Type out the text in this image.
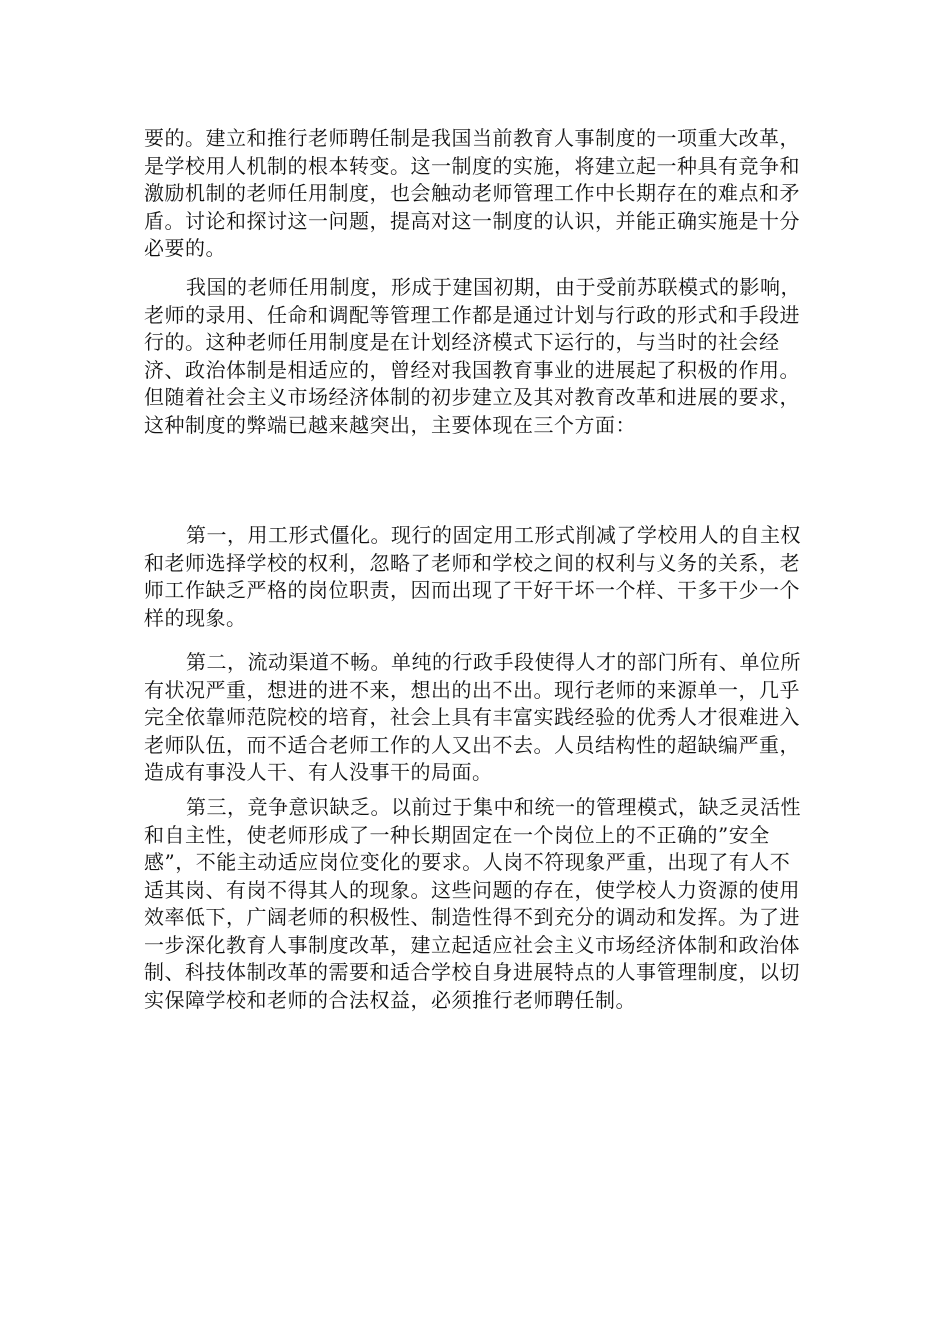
要的。建立和推行老师聘任制是我国当前教育人事制度的一项重大改革，是学校用人机制的根本转变。这一制度的实施，将建立起一种具有竞争和激励机制的老师任用制度，也会触动老师管理工作中长期存在的难点和矛盾。讨论和探讨这一问题，提高对这一制度的认识，并能正确实施是十分必要的。

我国的老师任用制度，形成于建国初期，由于受前苏联模式的影响，老师的录用、任命和调配等管理工作都是通过计划与行政的形式和手段进行的。这种老师任用制度是在计划经济模式下运行的，与当时的社会经济、政治体制是相适应的，曾经对我国教育事业的进展起了积极的作用。但随着社会主义市场经济体制的初步建立及其对教育改革和进展的要求，这种制度的弊端已越来越突出，主要体现在三个方面：

第一，用工形式僵化。现行的固定用工形式削减了学校用人的自主权和老师选择学校的权利，忽略了老师和学校之间的权利与义务的关系，老师工作缺乏严格的岗位职责，因而出现了干好干坏一个样、干多干少一个样的现象。

第二，流动渠道不畅。单纯的行政手段使得人才的部门所有、单位所有状况严重，想进的进不来，想出的出不出。现行老师的来源单一，几乎完全依靠师范院校的培育，社会上具有丰富实践经验的优秀人才很难进入老师队伍，而不适合老师工作的人又出不去。人员结构性的超缺编严重，造成有事没人干、有人没事干的局面。

第三，竞争意识缺乏。以前过于集中和统一的管理模式，缺乏灵活性和自主性，使老师形成了一种长期固定在一个岗位上的不正确的”安全感”，不能主动适应岗位变化的要求。人岗不符现象严重，出现了有人不适其岗、有岗不得其人的现象。这些问题的存在，使学校人力资源的使用效率低下，广阔老师的积极性、制造性得不到充分的调动和发挥。为了进一步深化教育人事制度改革，建立起适应社会主义市场经济体制和政治体制、科技体制改革的需要和适合学校自身进展特点的人事管理制度，以切实保障学校和老师的合法权益，必须推行老师聘任制。
